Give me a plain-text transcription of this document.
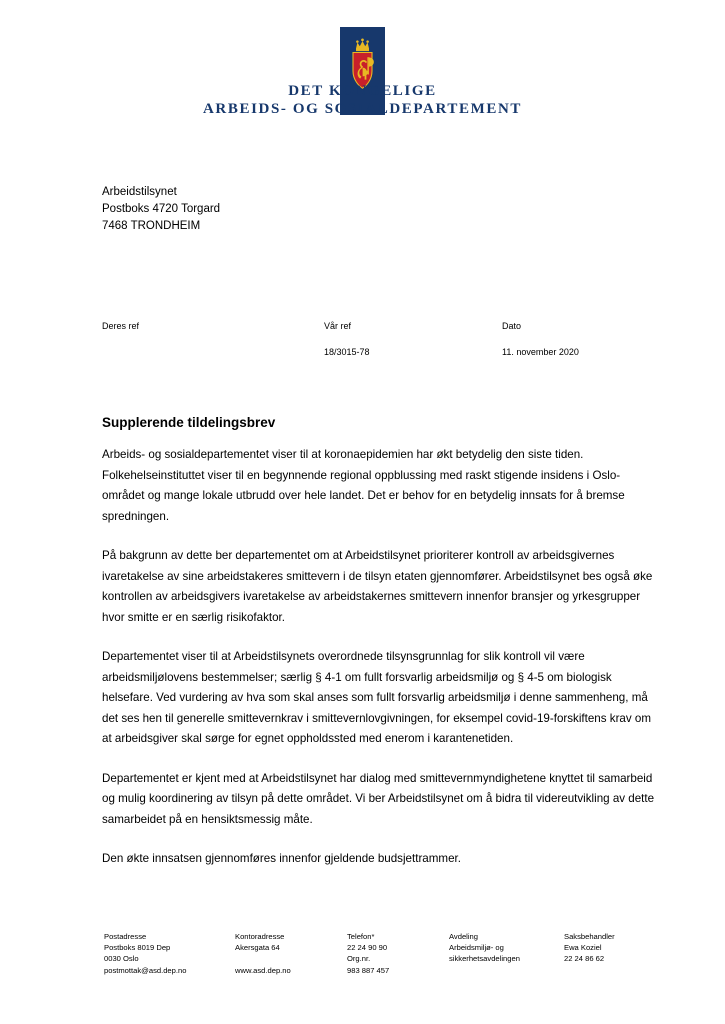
DET KONGELIGE
ARBEIDS- OG SOSIALDEPARTEMENT
Arbeidstilsynet
Postboks 4720 Torgard
7468 TRONDHEIM
Deres ref	Vår ref
18/3015-78
Dato
11. november 2020
Supplerende tildelingsbrev

Arbeids- og sosialdepartementet viser til at koronaepidemien har økt betydelig den siste tiden. Folkehelseinstituttet viser til en begynnende regional oppblussing med raskt stigende insidens i Oslo-området og mange lokale utbrudd over hele landet. Det er behov for en betydelig innsats for å bremse spredningen.

På bakgrunn av dette ber departementet om at Arbeidstilsynet prioriterer kontroll av arbeidsgivernes ivaretakelse av sine arbeidstakeres smittevern i de tilsyn etaten gjennomfører. Arbeidstilsynet bes også øke kontrollen av arbeidsgivers ivaretakelse av arbeidstakernes smittevern innenfor bransjer og yrkesgrupper hvor smitte er en særlig risikofaktor.

Departementet viser til at Arbeidstilsynets overordnede tilsynsgrunnlag for slik kontroll vil være arbeidsmiljølovens bestemmelser; særlig § 4-1 om fullt forsvarlig arbeidsmiljø og § 4-5 om biologisk helsefare. Ved vurdering av hva som skal anses som fullt forsvarlig arbeidsmiljø i denne sammenheng, må det ses hen til generelle smittevernkrav i smittevernlovgivningen, for eksempel covid-19-forskiftens krav om at arbeidsgiver skal sørge for egnet oppholdssted med enerom i karantenetiden.

Departementet er kjent med at Arbeidstilsynet har dialog med smittevernmyndighetene knyttet til samarbeid og mulig koordinering av tilsyn på dette området. Vi ber Arbeidstilsynet om å bidra til videreutvikling av dette samarbeidet på en hensiktsmessig måte.

Den økte innsatsen gjennomføres innenfor gjeldende budsjettrammer.

Postadresse
Postboks 8019 Dep
0030 Oslo
postmottak@asd.dep.no
Kontoradresse
Akersgata 64

www.asd.dep.no
Telefon*
22 24 90 90
Org.nr.
983 887 457
Avdeling
Arbeidsmiljø- og
sikkerhetsavdelingen
Saksbehandler
Ewa Koziel
22 24 86 62
